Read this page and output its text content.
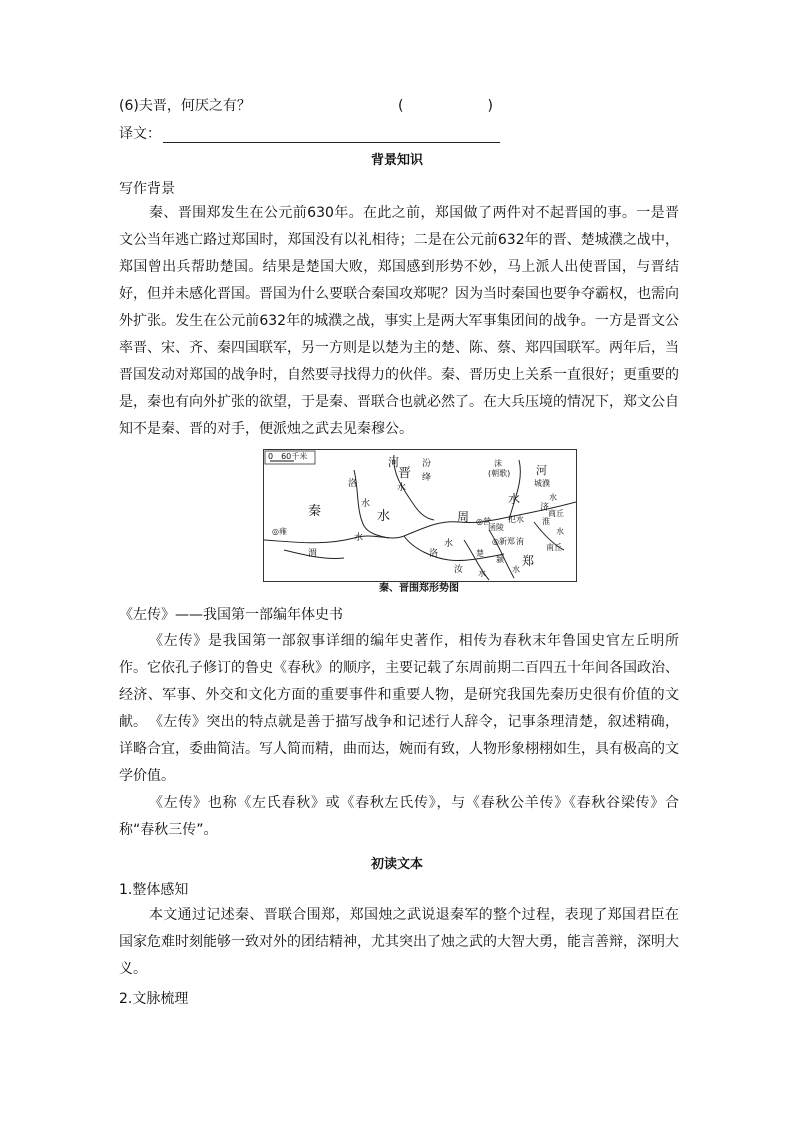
(6)夫晋，何厌之有？	(　　　　　　)
译文：
背景知识
写作背景
秦、晋围郑发生在公元前630年。在此之前，郑国做了两件对不起晋国的事。一是晋文公当年逃亡路过郑国时，郑国没有以礼相待；二是在公元前632年的晋、楚城濮之战中，郑国曾出兵帮助楚国。结果是楚国大败，郑国感到形势不妙，马上派人出使晋国，与晋结好，但并未感化晋国。晋国为什么要联合秦国攻郑呢？因为当时秦国也要争夺霸权，也需向外扩张。发生在公元前632年的城濮之战，事实上是两大军事集团间的战争。一方是晋文公率晋、宋、齐、秦四国联军，另一方则是以楚为主的楚、陈、蔡、郑四国联军。两年后，当晋国发动对郑国的战争时，自然要寻找得力的伙伴。秦、晋历史上关系一直很好；更重要的是，秦也有向外扩张的欲望，于是秦、晋联合也就必然了。在大兵压境的情况下，郑文公自知不是秦、晋的对手，便派烛之武去见秦穆公。
0　60千米
秦
河
晋
水
洛
水
汾
绛
水
沫
(朝歌) 河
城濮
水
水
济
周 ◎营
函陵
氾水 淮
商丘
南丘
◎雍
渭
水
洛
水	◎新郑
郑
楚
汝 水
颍
水
洧
水
秦、晋围郑形势图
《左传》——我国第一部编年体史书
《左传》是我国第一部叙事详细的编年史著作，相传为春秋末年鲁国史官左丘明所作。它依孔子修订的鲁史《春秋》的顺序，主要记载了东周前期二百四五十年间各国政治、经济、军事、外交和文化方面的重要事件和重要人物，是研究我国先秦历史很有价值的文献。 《左传》突出的特点就是善于描写战争和记述行人辞令，记事条理清楚，叙述精确，详略合宜，委曲简洁。写人简而精，曲而达，婉而有致，人物形象栩栩如生，具有极高的文学价值。
《左传》也称《左氏春秋》或《春秋左氏传》，与《春秋公羊传》《春秋谷梁传》合称“春秋三传”。
初读文本
1.整体感知
本文通过记述秦、晋联合围郑，郑国烛之武说退秦军的整个过程，表现了郑国君臣在国家危难时刻能够一致对外的团结精神，尤其突出了烛之武的大智大勇，能言善辩，深明大义。
2.文脉梳理
